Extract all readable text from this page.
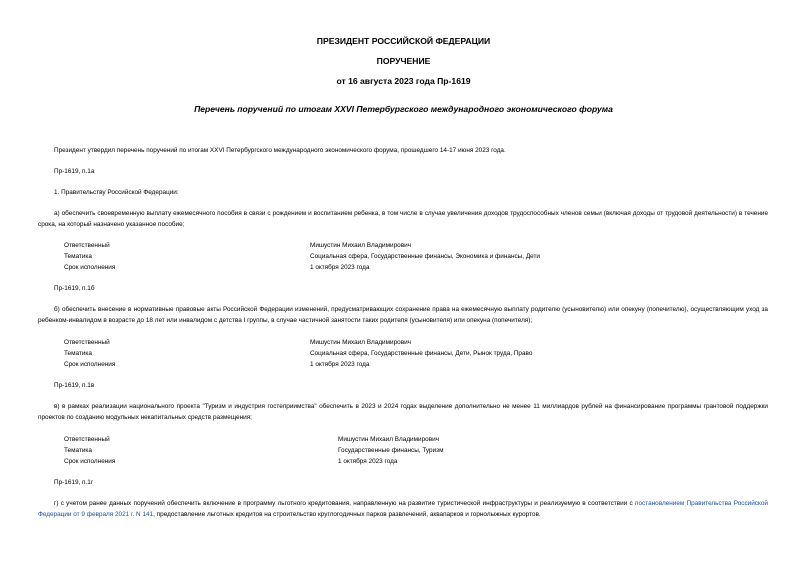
ПРЕЗИДЕНТ РОССИЙСКОЙ ФЕДЕРАЦИИ
ПОРУЧЕНИЕ
от 16 августа 2023 года Пр-1619
Перечень поручений по итогам XXVI Петербургского международного экономического форума
Президент утвердил перечень поручений по итогам XXVI Петербургского международного экономического форума, прошедшего 14-17 июня 2023 года.
Пр-1619, п.1а
1. Правительству Российской Федерации:
а) обеспечить своевременную выплату ежемесячного пособия в связи с рождением и воспитанием ребенка, в том числе в случае увеличения доходов трудоспособных членов семьи (включая доходы от трудовой деятельности) в течение срока, на который назначено указанное пособие;
Ответственный	Мишустин Михаил Владимирович
Тематика	Социальная сфера, Государственные финансы, Экономика и финансы, Дети
Срок исполнения	1 октября 2023 года
Пр-1619, п.1б
б) обеспечить внесение в нормативные правовые акты Российской Федерации изменений, предусматривающих сохранение права на ежемесячную выплату родителю (усыновителю) или опекуну (попечителю), осуществляющим уход за ребенком-инвалидом в возрасте до 18 лет или инвалидом с детства I группы, в случае частичной занятости таких родителя (усыновителя) или опекуна (попечителя);
Ответственный	Мишустин Михаил Владимирович
Тематика	Социальная сфера, Государственные финансы, Дети, Рынок труда, Право
Срок исполнения	1 октября 2023 года
Пр-1619, п.1в
в) в рамках реализации национального проекта "Туризм и индустрия гостеприимства" обеспечить в 2023 и 2024 годах выделение дополнительно не менее 11 миллиардов рублей на финансирование программы грантовой поддержки проектов по созданию модульных некапитальных средств размещения;
Ответственный	Мишустин Михаил Владимирович
Тематика	Государственные финансы, Туризм
Срок исполнения	1 октября 2023 года
Пр-1619, п.1г
г) с учетом ранее данных поручений обеспечить включение в программу льготного кредитования, направленную на развитие туристической инфраструктуры и реализуемую в соответствии с постановлением Правительства Российской Федерации от 9 февраля 2021 г. N 141, предоставление льготных кредитов на строительство круглогодичных парков развлечений, аквапарков и горнолыжных курортов.
